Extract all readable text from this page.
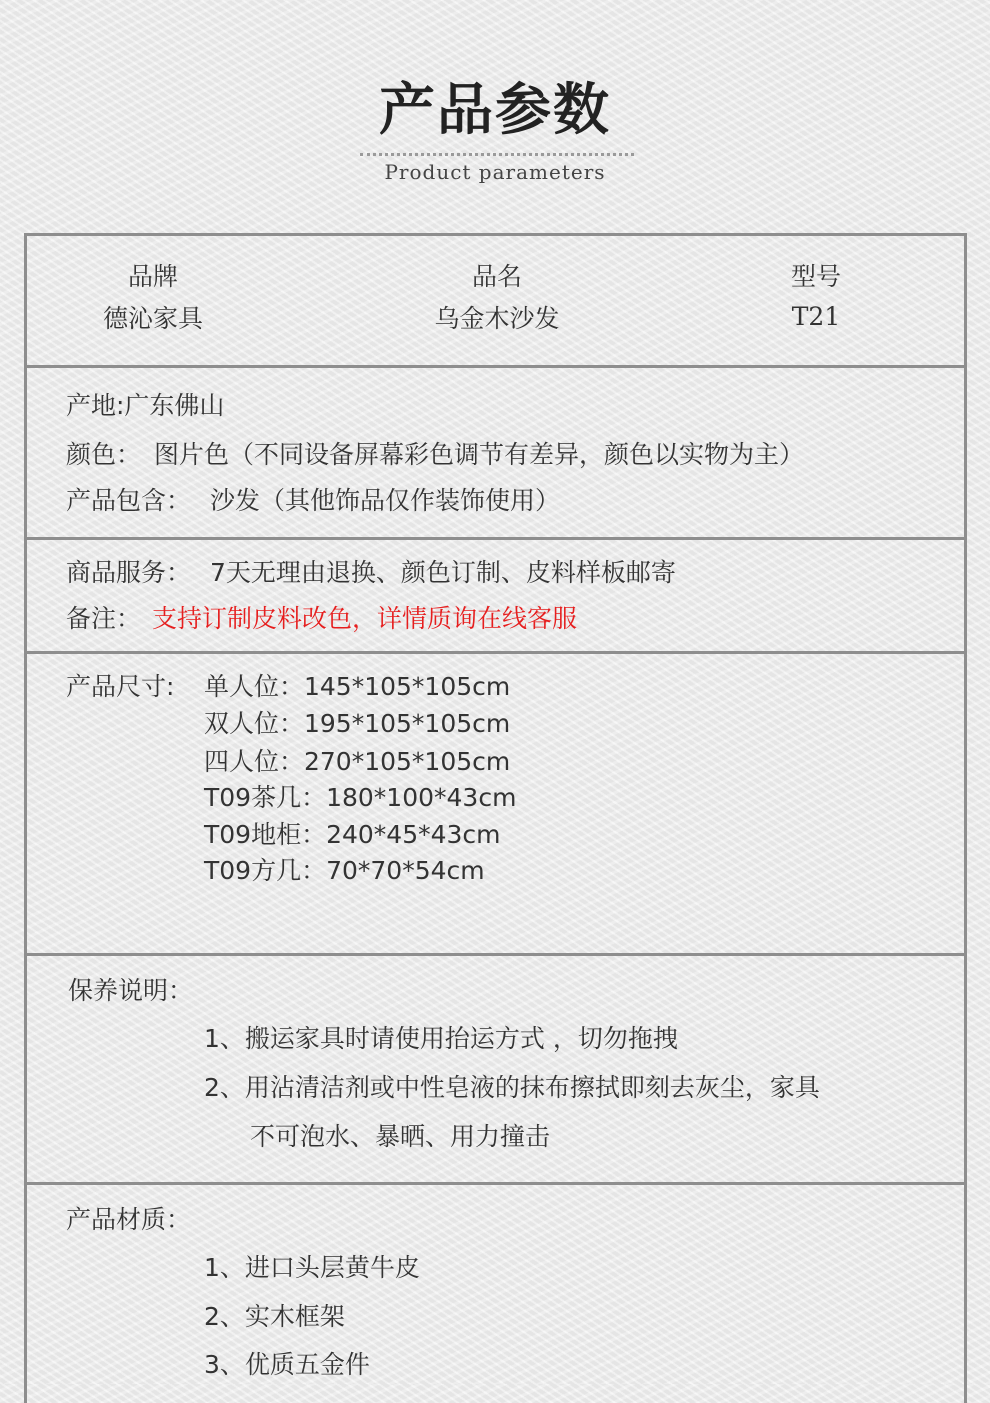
产品参数
Product parameters
品牌
德沁家具
品名
乌金木沙发
型号
T21
产地:广东佛山
颜色： 图片色（不同设备屏幕彩色调节有差异，颜色以实物为主）
产品包含： 沙发（其他饰品仅作装饰使用）
商品服务： 7天无理由退换、颜色订制、皮料样板邮寄
备注： 支持订制皮料改色，详情质询在线客服
产品尺寸: 单人位：145*105*105cm
双人位：195*105*105cm
四人位：270*105*105cm
T09茶几：180*100*43cm
T09地柜：240*45*43cm
T09方几：70*70*54cm
保养说明：
1、搬运家具时请使用抬运方式 ，切勿拖拽
2、用沾清洁剂或中性皂液的抹布擦拭即刻去灰尘，家具
不可泡水、暴晒、用力撞击
产品材质：
1、进口头层黄牛皮
2、实木框架
3、优质五金件
